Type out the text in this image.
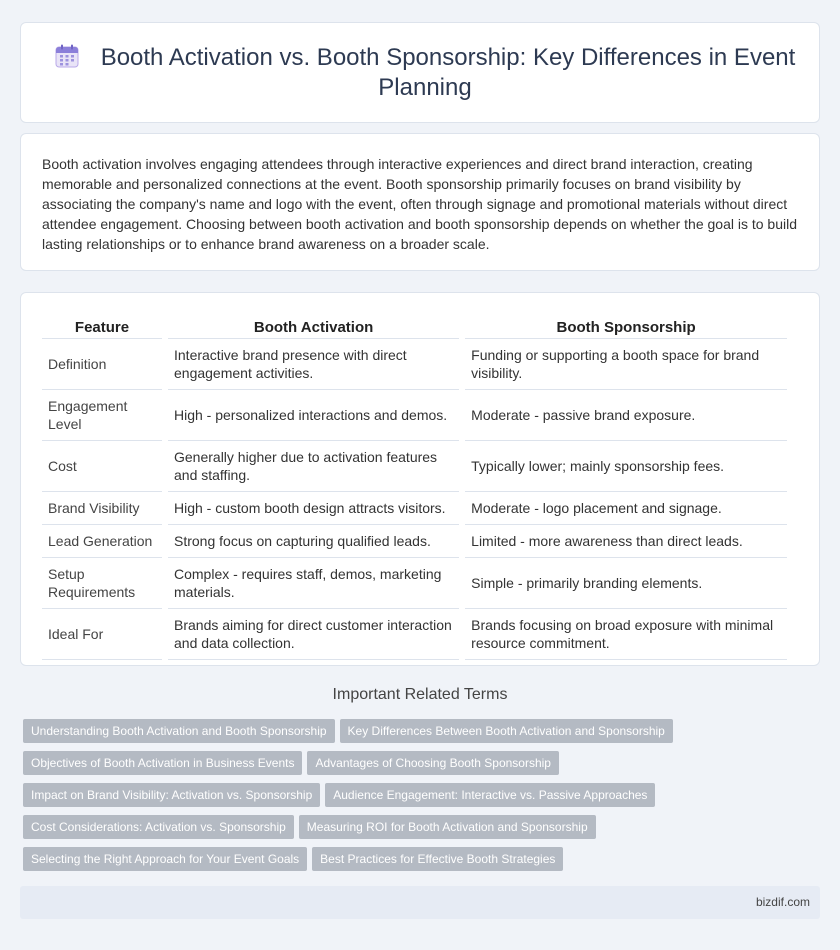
Booth Activation vs. Booth Sponsorship: Key Differences in Event Planning

Booth activation involves engaging attendees through interactive experiences and direct brand interaction, creating memorable and personalized connections at the event. Booth sponsorship primarily focuses on brand visibility by associating the company's name and logo with the event, often through signage and promotional materials without direct attendee engagement. Choosing between booth activation and booth sponsorship depends on whether the goal is to build lasting relationships or to enhance brand awareness on a broader scale.

Feature	Booth Activation	Booth Sponsorship
Definition	Interactive brand presence with direct engagement activities.	Funding or supporting a booth space for brand visibility.
Engagement Level	High - personalized interactions and demos.	Moderate - passive brand exposure.
Cost	Generally higher due to activation features and staffing.	Typically lower; mainly sponsorship fees.
Brand Visibility	High - custom booth design attracts visitors.	Moderate - logo placement and signage.
Lead Generation	Strong focus on capturing qualified leads.	Limited - more awareness than direct leads.
Setup Requirements	Complex - requires staff, demos, marketing materials.	Simple - primarily branding elements.
Ideal For	Brands aiming for direct customer interaction and data collection.	Brands focusing on broad exposure with minimal resource commitment.
Important Related Terms
Understanding Booth Activation and Booth Sponsorship Key Differences Between Booth Activation and Sponsorship
Objectives of Booth Activation in Business Events Advantages of Choosing Booth Sponsorship
Impact on Brand Visibility: Activation vs. Sponsorship Audience Engagement: Interactive vs. Passive Approaches
Cost Considerations: Activation vs. Sponsorship Measuring ROI for Booth Activation and Sponsorship
Selecting the Right Approach for Your Event Goals Best Practices for Effective Booth Strategies
bizdif.com
